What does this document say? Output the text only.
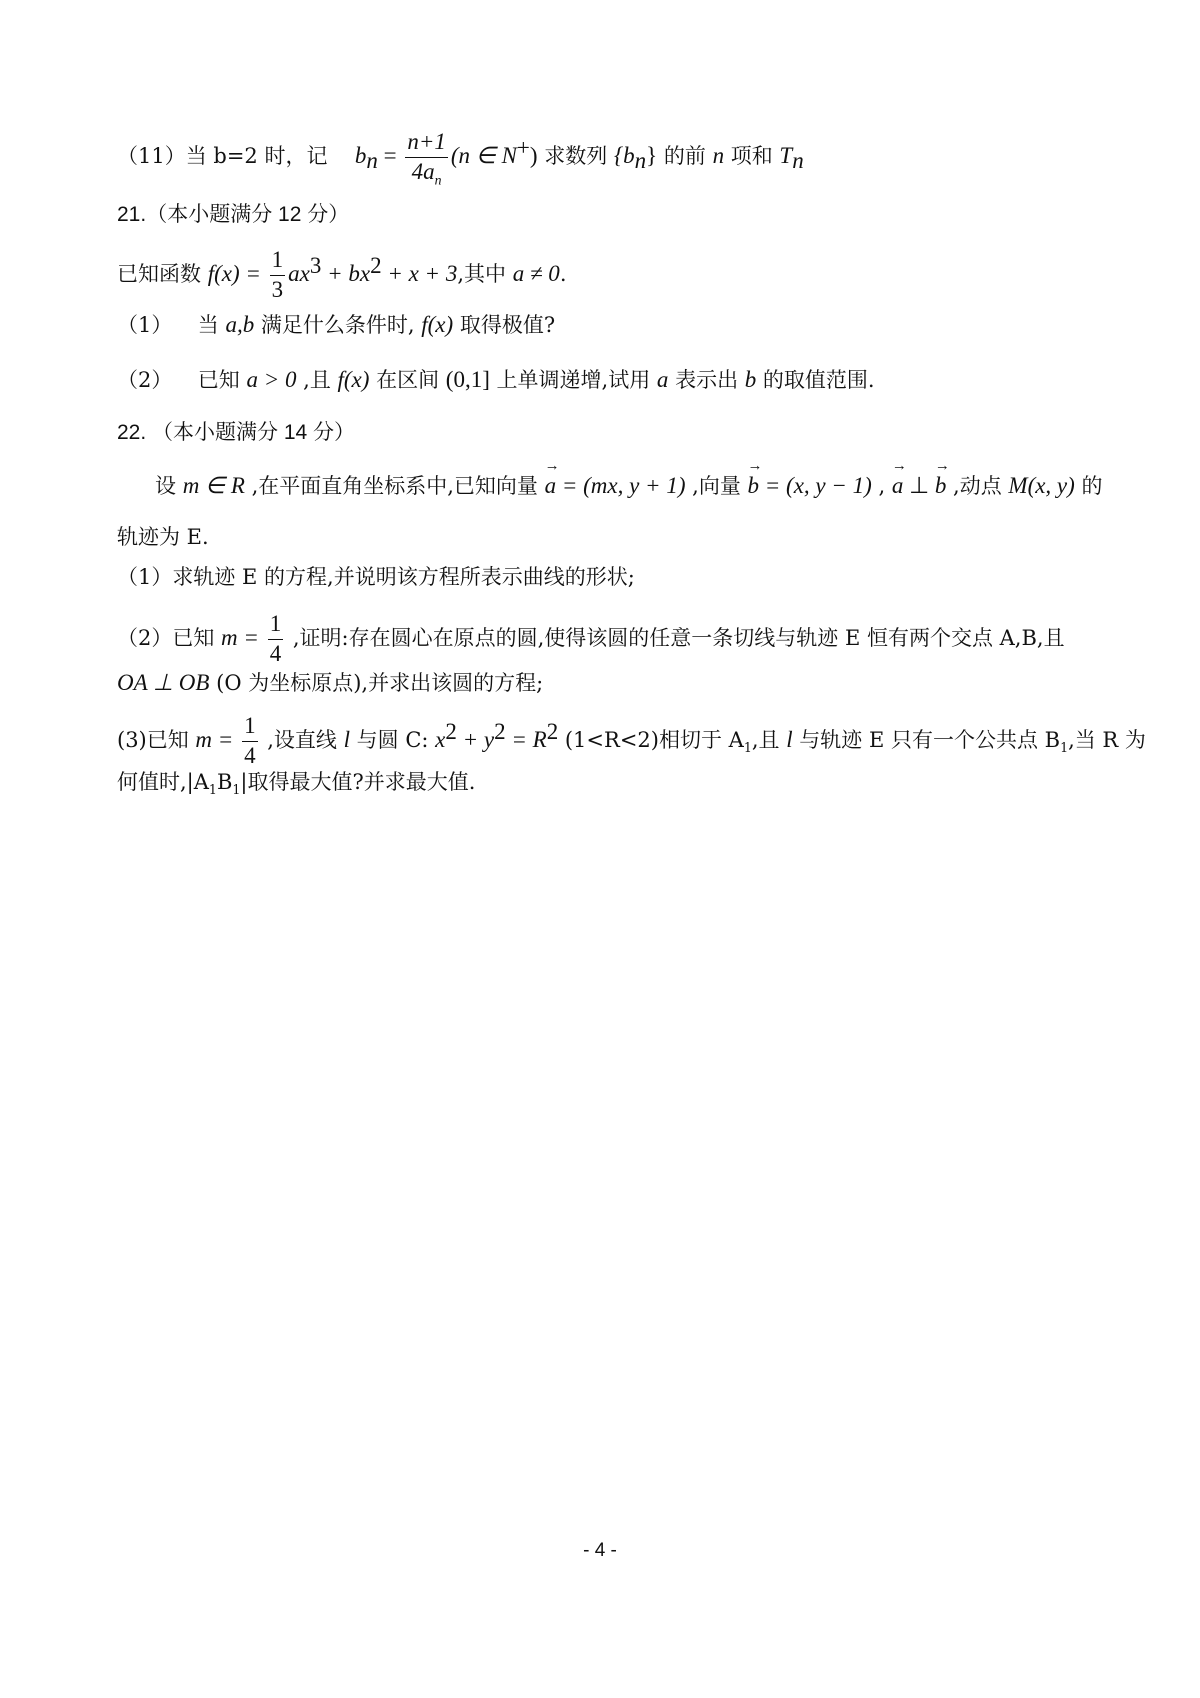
（11）当 b=2 时，记 $b_n = \frac{n+1}{4a_n} (n$ ∈ N+) 求数列 $\{b_n\}$ 的前 n 项和 $T_n$
21.（本小题满分 12 分）
已知函数 $f(x) = \frac{1}{3} ax^3 + bx^2 + x + 3$,其中 a ≠ 0.
（1） 当 a,b 满足什么条件时, f(x) 取得极值?
（2） 已知 a > 0 ,且 f(x) 在区间 (0,1] 上单调递增,试用 a 表示出 b 的取值范围.
22. （本小题满分 14 分）
设 m ∈ R ,在平面直角坐标系中,已知向量 → a = (mx, y + 1) ,向量 → b = (x, y − 1) , → a ⊥ → b ,动点 M(x, y) 的
轨迹为 E.
（1）求轨迹 E 的方程,并说明该方程所表示曲线的形状;
（2）已知 $m = \frac{1}{4}$ ,证明:存在圆心在原点的圆,使得该圆的任意一条切线与轨迹 E 恒有两个交点 A,B,且
OA ⊥ OB (O 为坐标原点),并求出该圆的方程;
(3)已知 $m = \frac{1}{4}$ ,设直线 l 与圆 C: $x^2 + y^2 = R^2$ (1<R<2)相切于 $A_1$,且 l 与轨迹 E 只有一个公共点 $B_1$,当 R 为
何值时$,|A_1B_1|$取得最大值?并求最大值.
- 4 -
